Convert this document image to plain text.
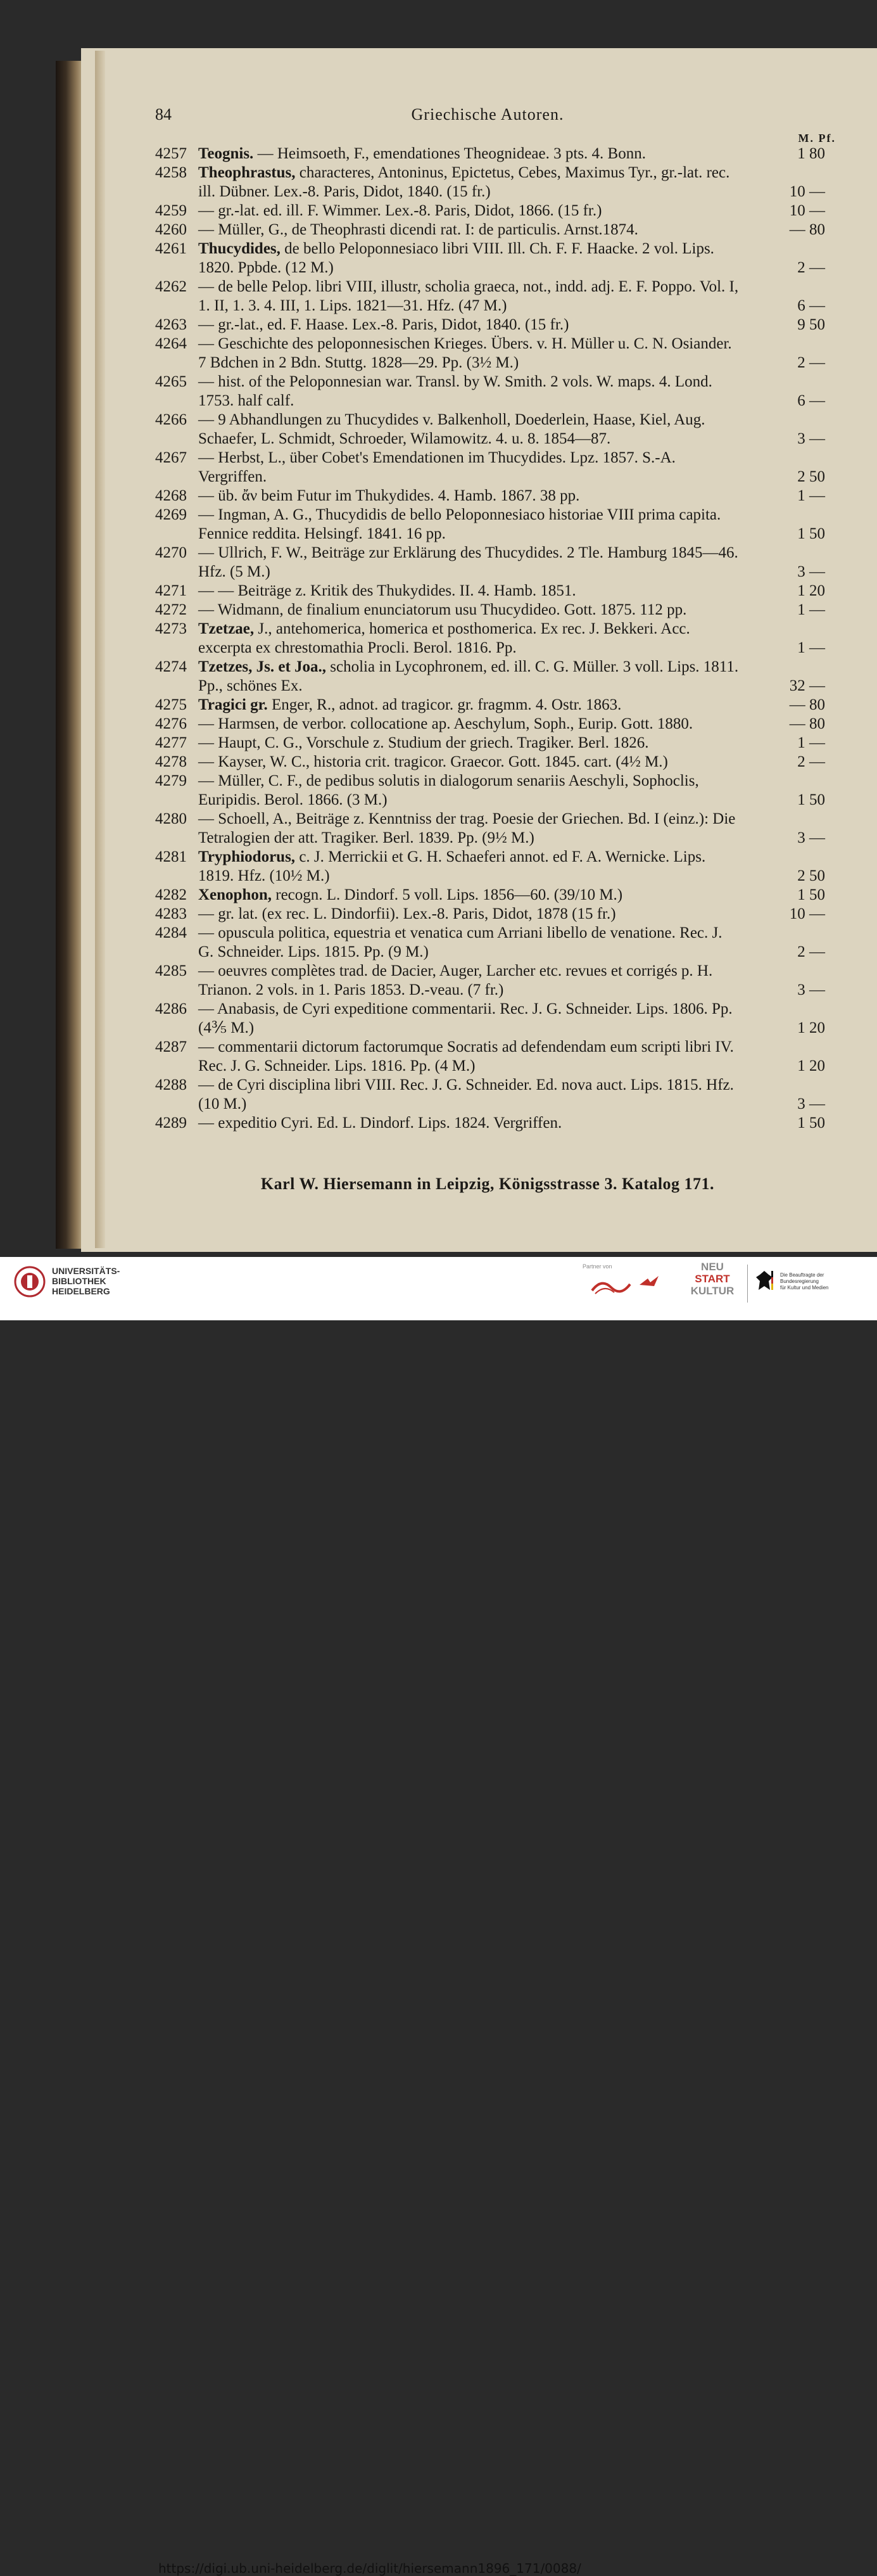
84	Griechische Autoren.
M. Pf.
4257 Teognis. — Heimsoeth, F., emendationes Theognideae. 3 pts. 4. Bonn.	1 80
4258 Theophrastus, characteres, Antoninus, Epictetus, Cebes, Maximus Tyr., gr.-lat. rec. ill. Dübner. Lex.-8. Paris, Didot, 1840. (15 fr.)	10 —
4259 — gr.-lat. ed. ill. F. Wimmer. Lex.-8. Paris, Didot, 1866. (15 fr.)	10 —
4260 — Müller, G., de Theophrasti dicendi rat. I: de particulis. Arnst.1874.	— 80
4261 Thucydides, de bello Peloponnesiaco libri VIII. Ill. Ch. F. F. Haacke. 2 vol. Lips. 1820. Ppbde. (12 M.)	2 —
4262 — de belle Pelop. libri VIII, illustr, scholia graeca, not., indd. adj. E. F. Poppo. Vol. I, 1. II, 1. 3. 4. III, 1. Lips. 1821—31. Hfz. (47 M.)	6 —
4263 — gr.-lat., ed. F. Haase. Lex.-8. Paris, Didot, 1840. (15 fr.)	9 50
4264 — Geschichte des peloponnesischen Krieges. Übers. v. H. Müller u. C. N. Osiander. 7 Bdchen in 2 Bdn. Stuttg. 1828—29. Pp. (3½ M.)	2 —
4265 — hist. of the Peloponnesian war. Transl. by W. Smith. 2 vols. W. maps. 4. Lond. 1753. half calf.	6 —
4266 — 9 Abhandlungen zu Thucydides v. Balkenholl, Doederlein, Haase, Kiel, Aug. Schaefer, L. Schmidt, Schroeder, Wilamowitz. 4. u. 8. 1854—87.	3 —
4267 — Herbst, L., über Cobet's Emendationen im Thucydides. Lpz. 1857. S.-A. Vergriffen.	2 50
4268 — üb. ἄν beim Futur im Thukydides. 4. Hamb. 1867. 38 pp.	1 —
4269 — Ingman, A. G., Thucydidis de bello Peloponnesiaco historiae VIII prima capita. Fennice reddita. Helsingf. 1841. 16 pp.	1 50
4270 — Ullrich, F. W., Beiträge zur Erklärung des Thucydides. 2 Tle. Hamburg 1845—46. Hfz. (5 M.)	3 —
4271 — — Beiträge z. Kritik des Thukydides. II. 4. Hamb. 1851.	1 20
4272 — Widmann, de finalium enunciatorum usu Thucydideo. Gott. 1875. 112 pp.	1 —
4273 Tzetzae, J., antehomerica, homerica et posthomerica. Ex rec. J. Bekkeri. Acc. excerpta ex chrestomathia Procli. Berol. 1816. Pp.	1 —
4274 Tzetzes, Js. et Joa., scholia in Lycophronem, ed. ill. C. G. Müller. 3 voll. Lips. 1811. Pp., schönes Ex.	32 —
4275 Tragici gr. Enger, R., adnot. ad tragicor. gr. fragmm. 4. Ostr. 1863.	— 80
4276 — Harmsen, de verbor. collocatione ap. Aeschylum, Soph., Eurip. Gott. 1880.	— 80
4277 — Haupt, C. G., Vorschule z. Studium der griech. Tragiker. Berl. 1826.	1 —
4278 — Kayser, W. C., historia crit. tragicor. Graecor. Gott. 1845. cart. (4½ M.)	2 —
4279 — Müller, C. F., de pedibus solutis in dialogorum senariis Aeschyli, Sophoclis, Euripidis. Berol. 1866. (3 M.)	1 50
4280 — Schoell, A., Beiträge z. Kenntniss der trag. Poesie der Griechen. Bd. I (einz.): Die Tetralogien der att. Tragiker. Berl. 1839. Pp. (9½ M.)	3 —
4281 Tryphiodorus, c. J. Merrickii et G. H. Schaeferi annot. ed F. A. Wernicke. Lips. 1819. Hfz. (10½ M.)	2 50
4282 Xenophon, recogn. L. Dindorf. 5 voll. Lips. 1856—60. (39/10 M.)	1 50
4283 — gr. lat. (ex rec. L. Dindorfii). Lex.-8. Paris, Didot, 1878 (15 fr.)	10 —
4284 — opuscula politica, equestria et venatica cum Arriani libello de venatione. Rec. J. G. Schneider. Lips. 1815. Pp. (9 M.)	2 —
4285 — oeuvres complètes trad. de Dacier, Auger, Larcher etc. revues et corrigés p. H. Trianon. 2 vols. in 1. Paris 1853. D.-veau. (7 fr.)	3 —
4286 — Anabasis, de Cyri expeditione commentarii. Rec. J. G. Schneider. Lips. 1806. Pp. (4⅗ M.)	1 20
4287 — commentarii dictorum factorumque Socratis ad defendendam eum scripti libri IV. Rec. J. G. Schneider. Lips. 1816. Pp. (4 M.)	1 20
4288 — de Cyri disciplina libri VIII. Rec. J. G. Schneider. Ed. nova auct. Lips. 1815. Hfz. (10 M.)	3 —
4289 — expeditio Cyri. Ed. L. Dindorf. Lips. 1824. Vergriffen.	1 50
Karl W. Hiersemann in Leipzig, Königsstrasse 3. Katalog 171.
UNIVERSITÄTS-
BIBLIOTHEK
HEIDELBERG
Partner von	NEU
START
KULTUR
Die Beauftragte der Bundesregierung
für Kultur und Medien
https://digi.ub.uni-heidelberg.de/diglit/hiersemann1896_171/0088/
